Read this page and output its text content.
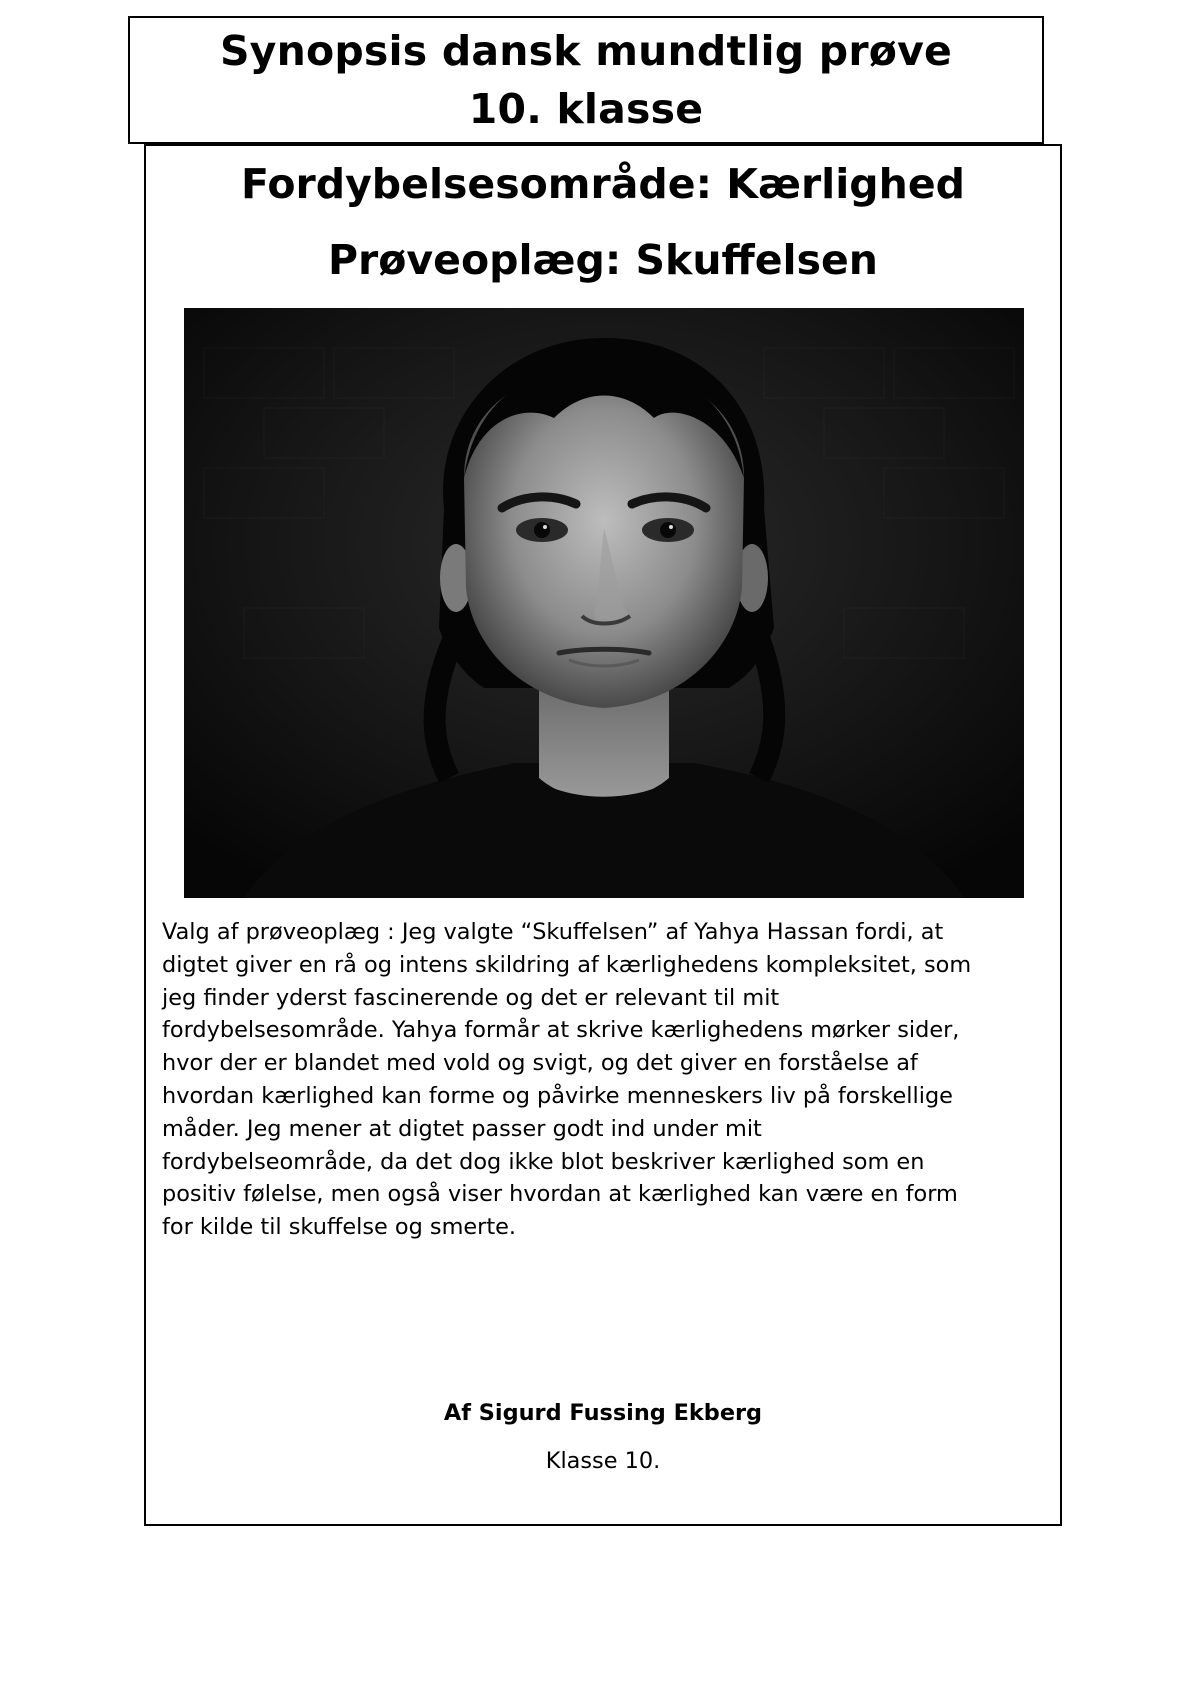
Synopsis dansk mundtlig prøve
10. klasse
Fordybelsesområde: Kærlighed
Prøveoplæg: Skuffelsen
Valg af prøveoplæg : Jeg valgte “Skuffelsen” af Yahya Hassan fordi, at
digtet giver en rå og intens skildring af kærlighedens kompleksitet, som
jeg finder yderst fascinerende og det er relevant til mit
fordybelsesområde. Yahya formår at skrive kærlighedens mørker sider,
hvor der er blandet med vold og svigt, og det giver en forståelse af
hvordan kærlighed kan forme og påvirke menneskers liv på forskellige
måder. Jeg mener at digtet passer godt ind under mit
fordybelseområde, da det dog ikke blot beskriver kærlighed som en
positiv følelse, men også viser hvordan at kærlighed kan være en form
for kilde til skuffelse og smerte.
Af Sigurd Fussing Ekberg
Klasse 10.
